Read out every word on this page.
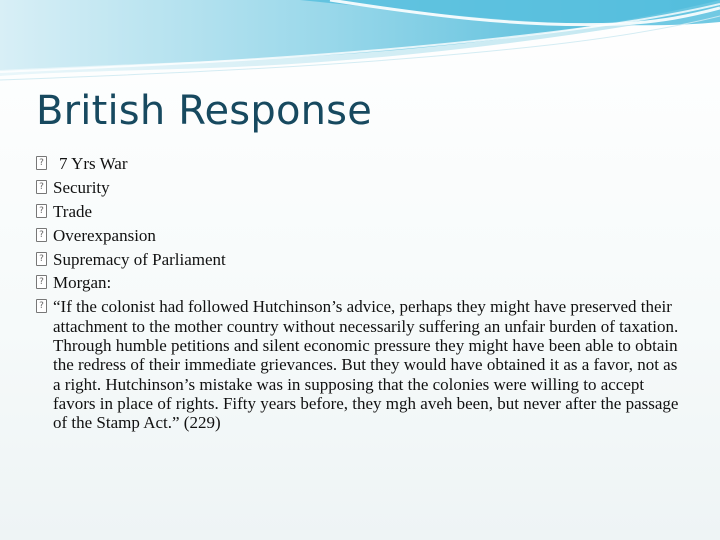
British Response
? 7 Yrs War
? Security
? Trade
? Overexpansion
? Supremacy of Parliament
? Morgan:
? “If the colonist had followed Hutchinson’s advice, perhaps they might have preserved their attachment to the mother country without necessarily suffering an unfair burden of taxation. Through humble petitions and silent economic pressure they might have been able to obtain the redress of their immediate grievances. But they would have obtained it as a favor, not as a right. Hutchinson’s mistake was in supposing that the colonies were willing to accept favors in place of rights. Fifty years before, they mgh aveh been, but never after the passage of the Stamp Act.” (229)
